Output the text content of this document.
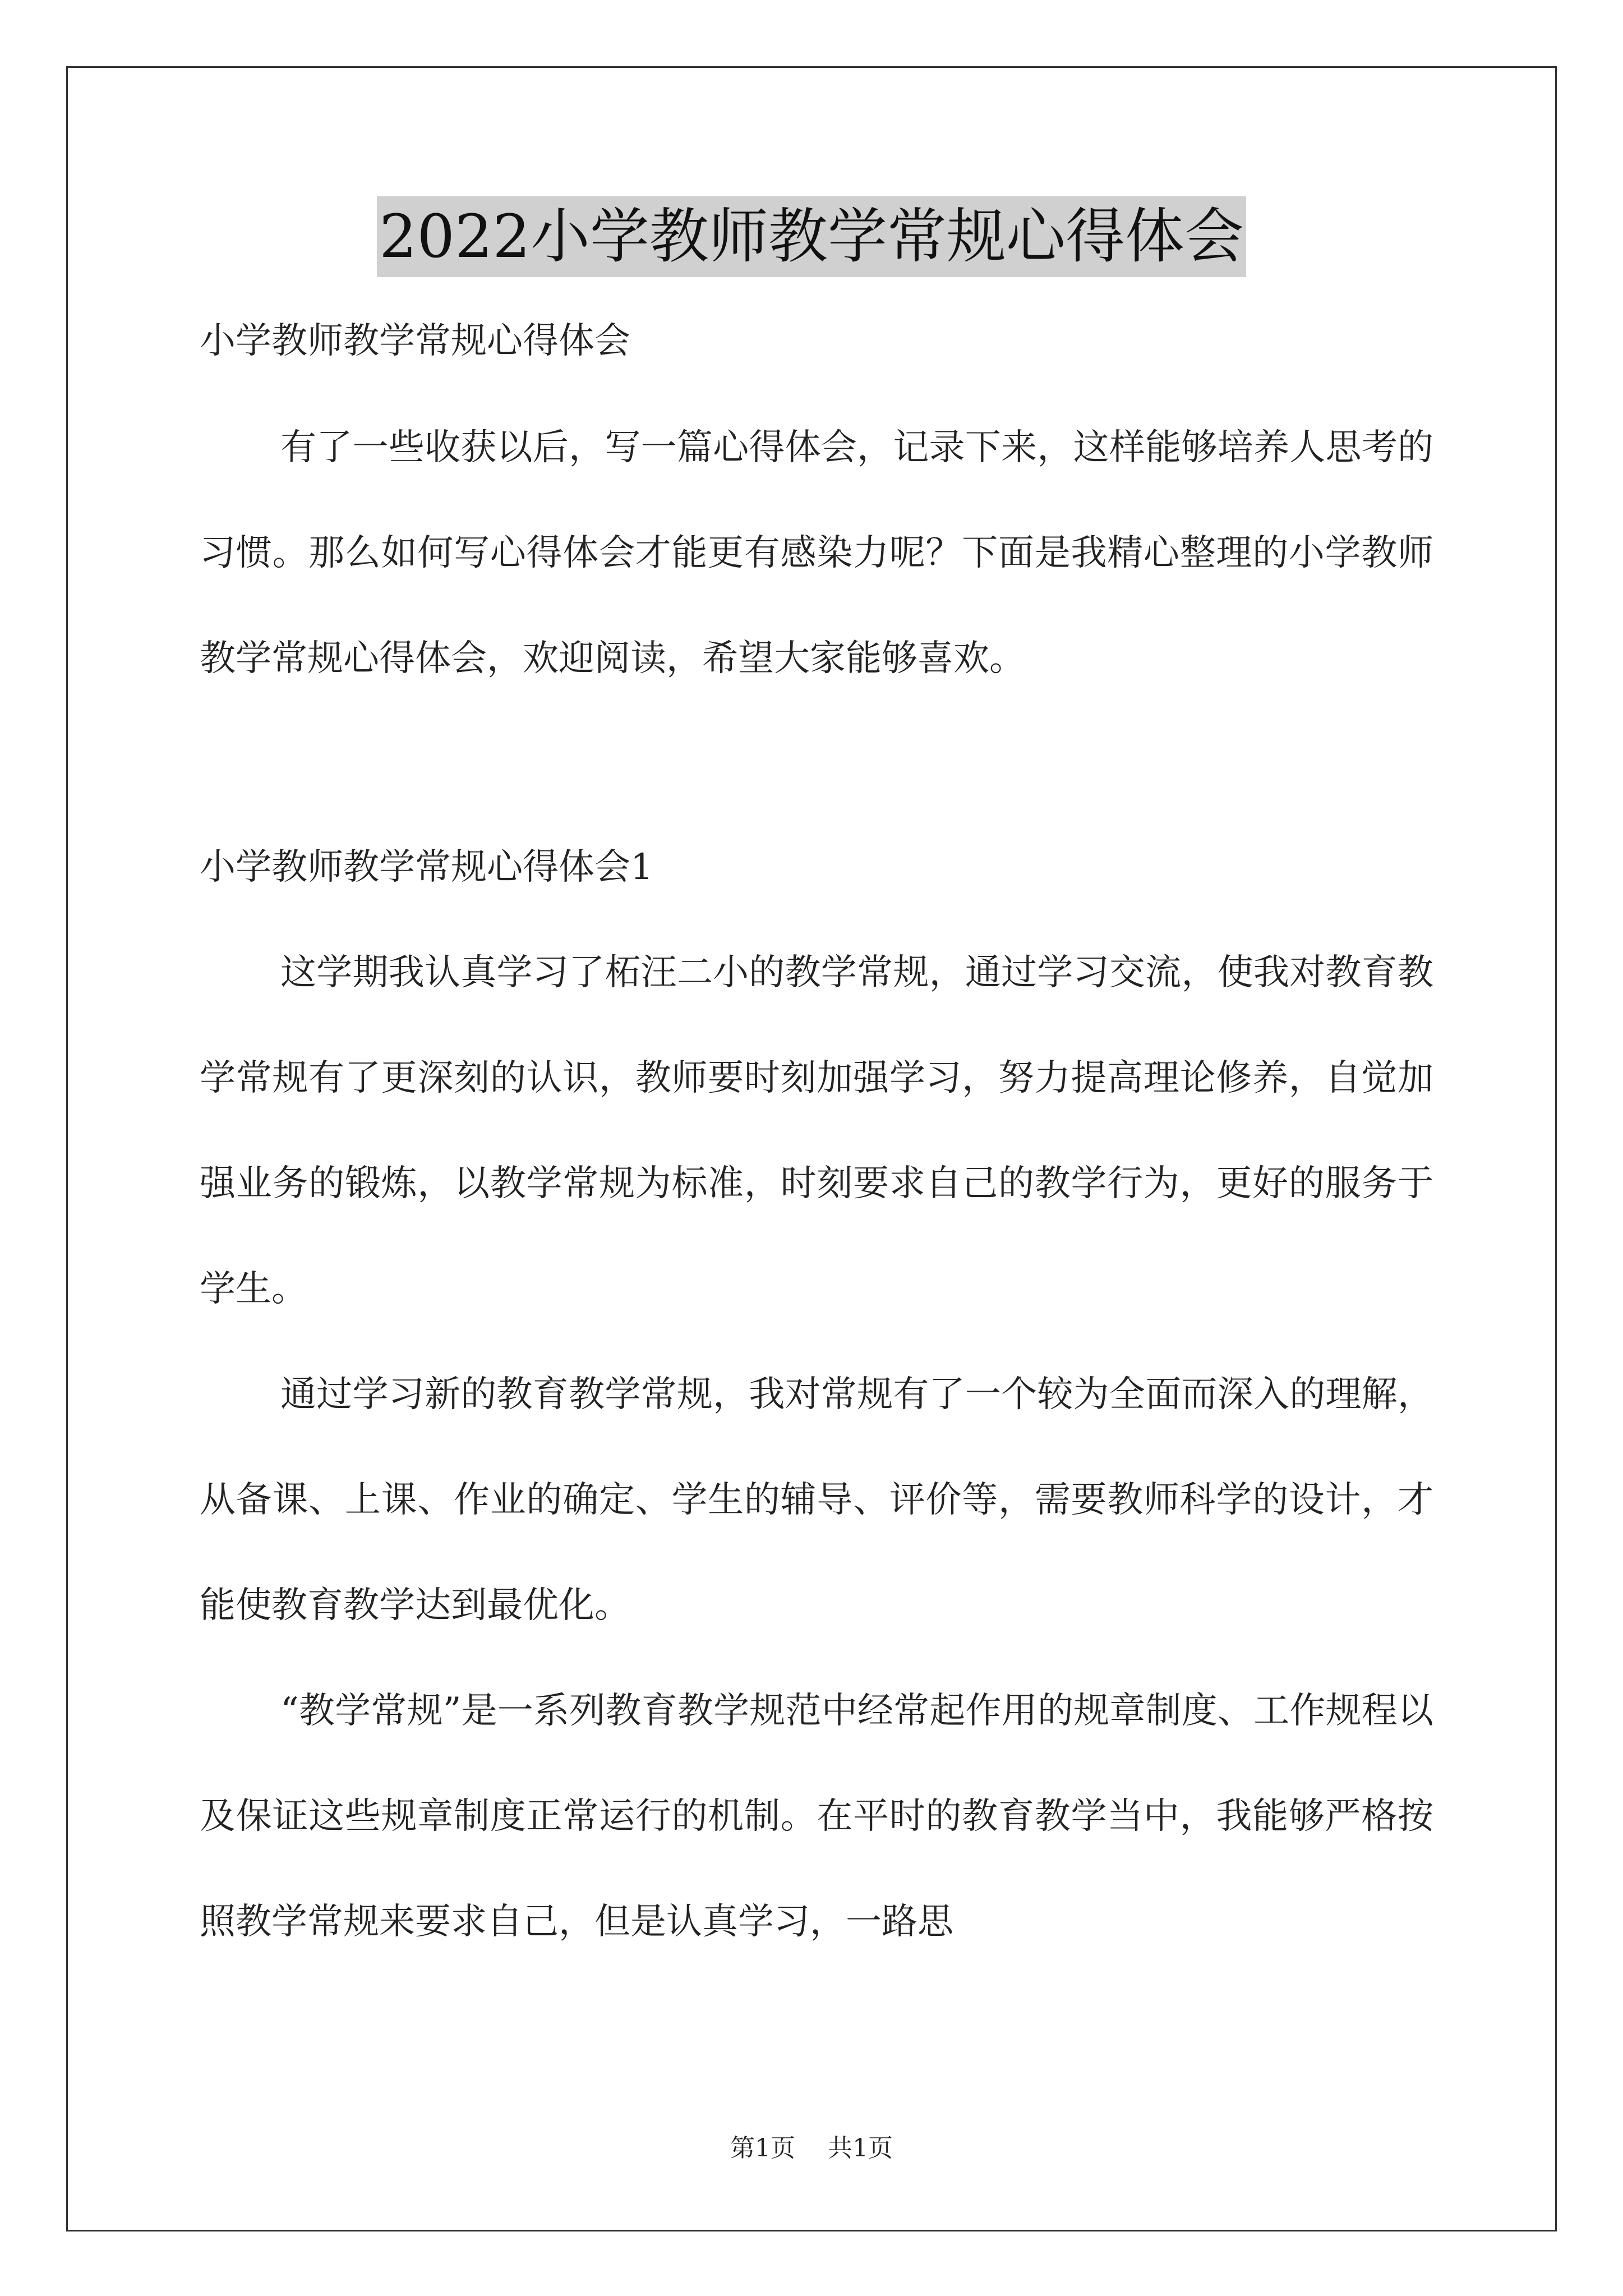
2022小学教师教学常规心得体会

小学教师教学常规心得体会

有了一些收获以后，写一篇心得体会，记录下来，这样能够培养人思考的习惯。那么如何写心得体会才能更有感染力呢？下面是我精心整理的小学教师教学常规心得体会，欢迎阅读，希望大家能够喜欢。

小学教师教学常规心得体会1

这学期我认真学习了柘汪二小的教学常规，通过学习交流，使我对教育教学常规有了更深刻的认识，教师要时刻加强学习，努力提高理论修养，自觉加强业务的锻炼，以教学常规为标准，时刻要求自己的教学行为，更好的服务于学生。

通过学习新的教育教学常规，我对常规有了一个较为全面而深入的理解，从备课、上课、作业的确定、学生的辅导、评价等，需要教师科学的设计，才能使教育教学达到最优化。

“教学常规”是一系列教育教学规范中经常起作用的规章制度、工作规程以及保证这些规章制度正常运行的机制。在平时的教育教学当中，我能够严格按照教学常规来要求自己，但是认真学习，一路思

第1页 共1页
